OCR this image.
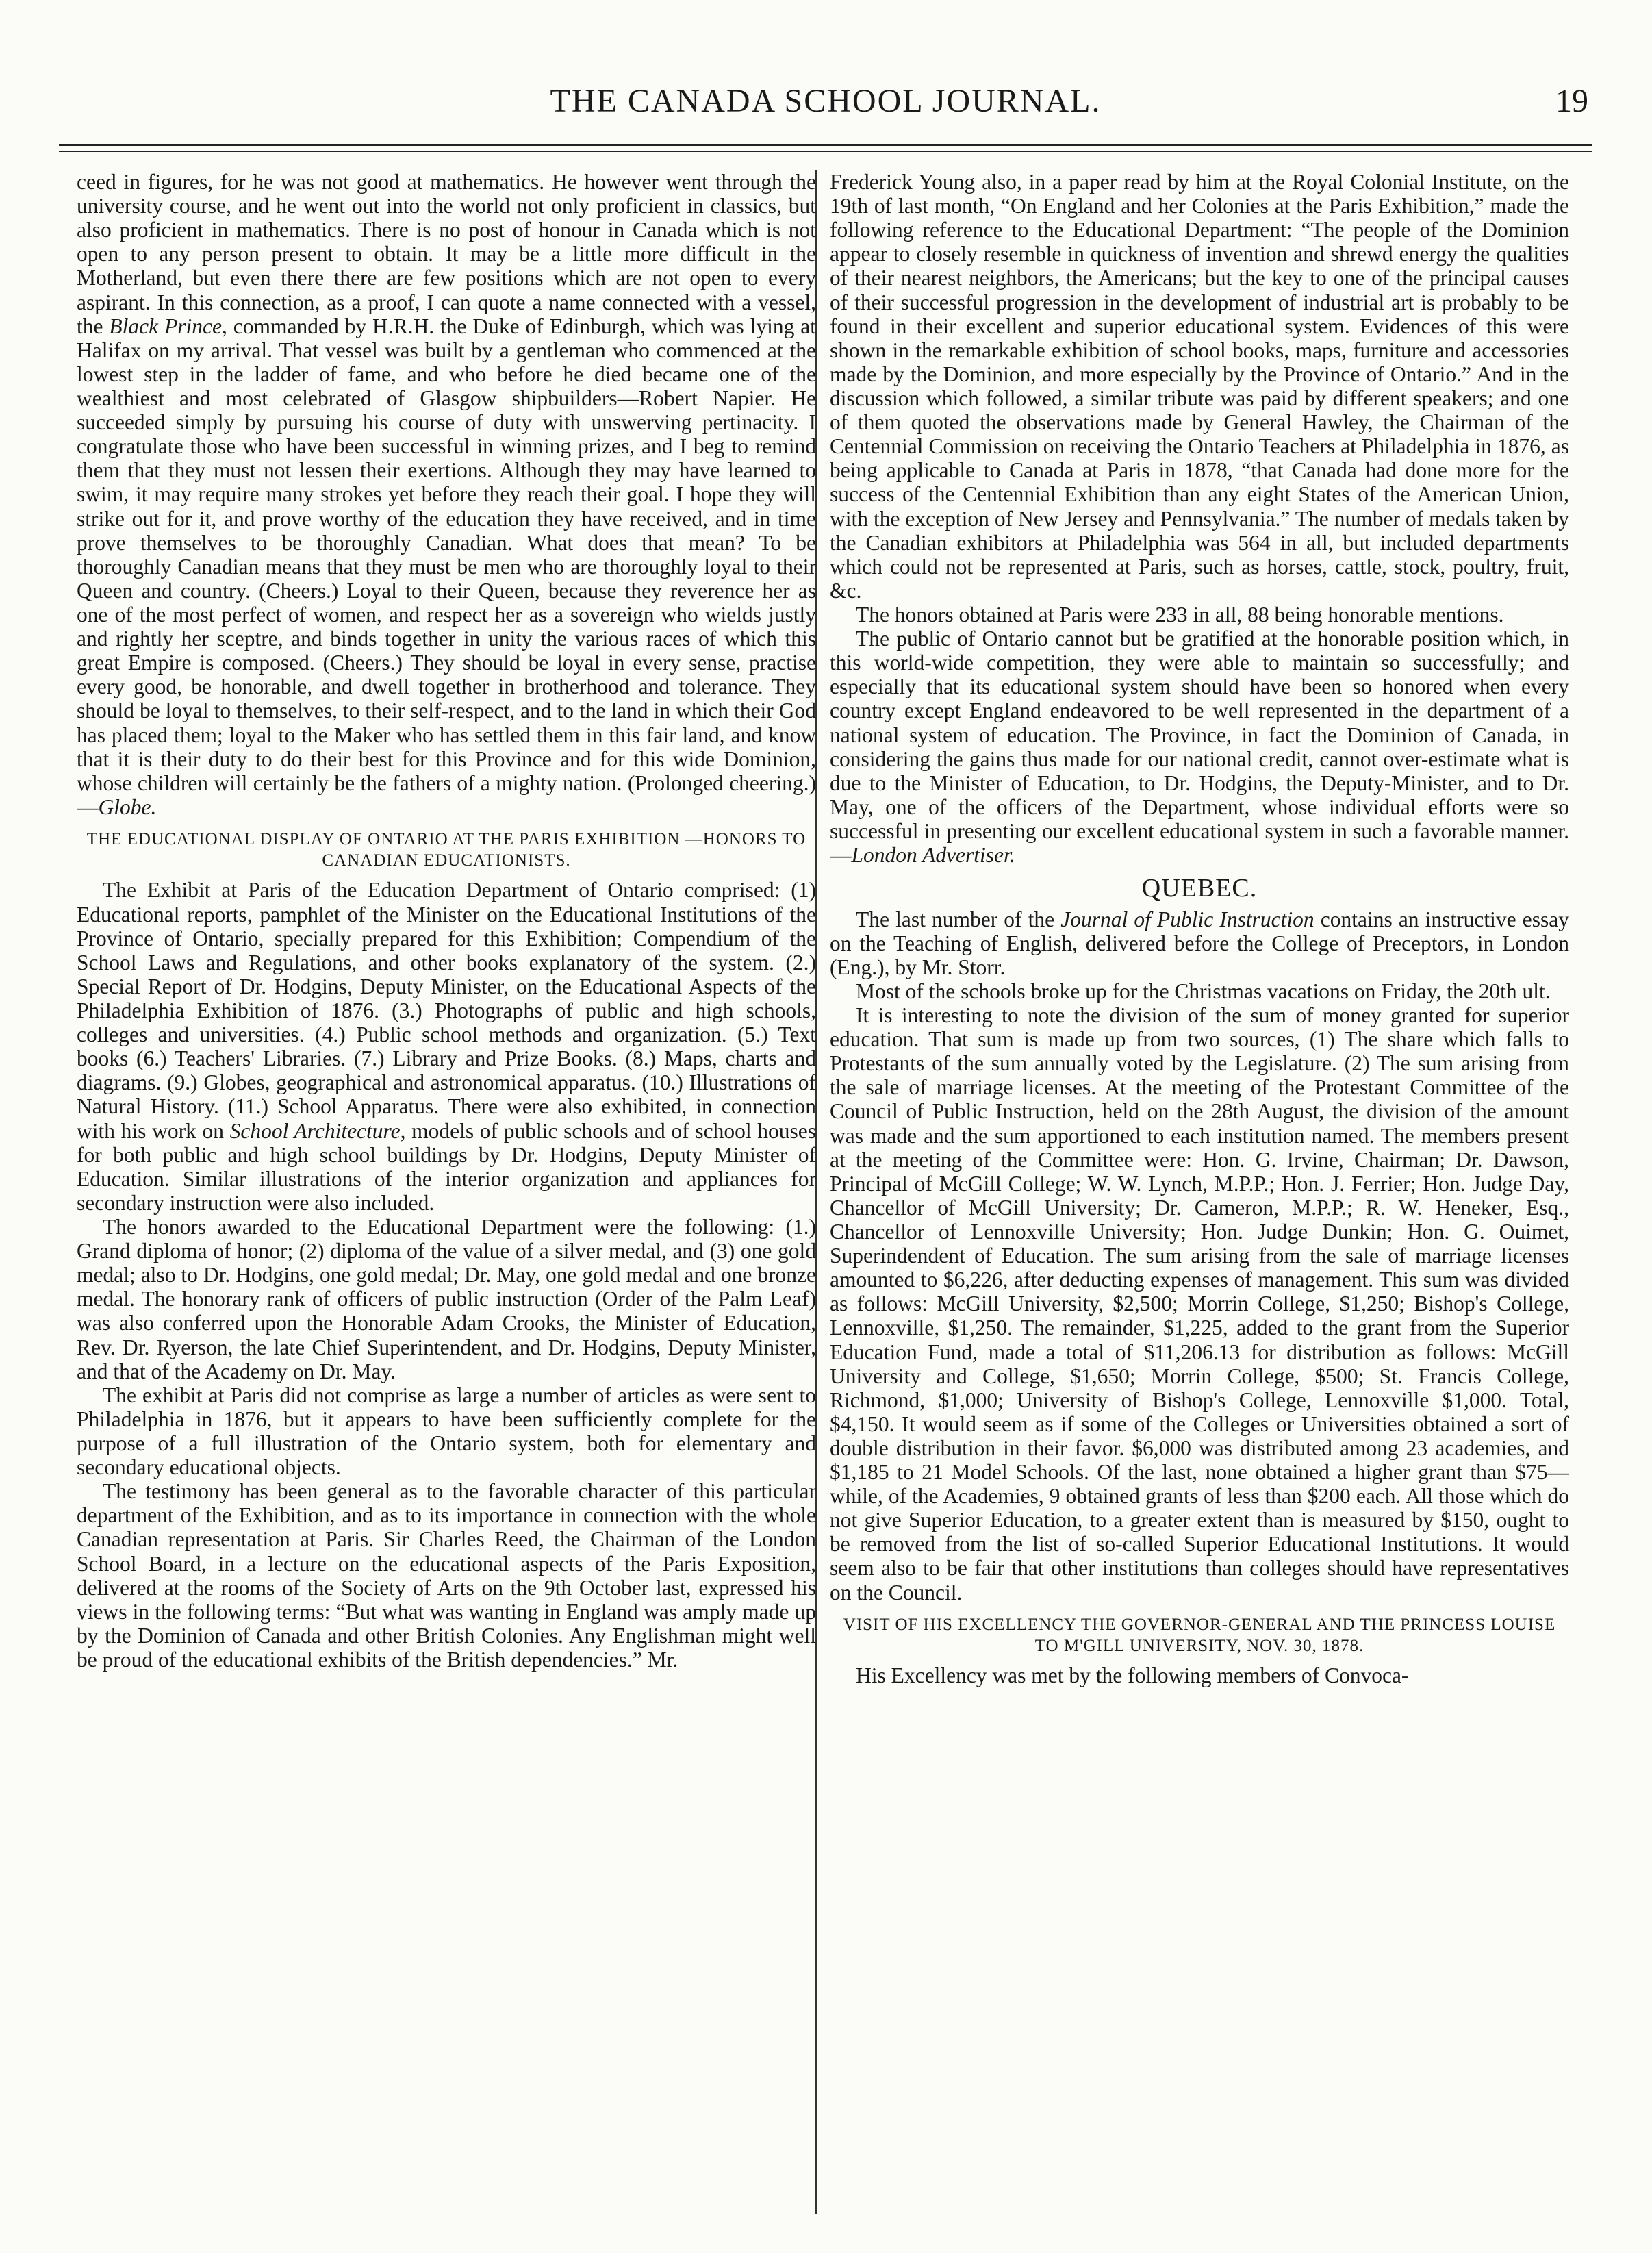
THE CANADA SCHOOL JOURNAL.	19

ceed in figures, for he was not good at mathematics. He however went through the university course, and he went out into the world not only proficient in classics, but also proficient in mathematics. There is no post of honour in Canada which is not open to any person present to obtain. It may be a little more difficult in the Motherland, but even there there are few positions which are not open to every aspirant. In this connection, as a proof, I can quote a name connected with a vessel, the Black Prince, commanded by H.R.H. the Duke of Edinburgh, which was lying at Halifax on my arrival. That vessel was built by a gentleman who commenced at the lowest step in the ladder of fame, and who before he died became one of the wealthiest and most celebrated of Glasgow shipbuilders—Robert Napier. He succeeded simply by pursuing his course of duty with unswerving pertinacity. I congratulate those who have been successful in winning prizes, and I beg to remind them that they must not lessen their exertions. Although they may have learned to swim, it may require many strokes yet before they reach their goal. I hope they will strike out for it, and prove worthy of the education they have received, and in time prove themselves to be thoroughly Canadian. What does that mean? To be thoroughly Canadian means that they must be men who are thoroughly loyal to their Queen and country. (Cheers.) Loyal to their Queen, because they reverence her as one of the most perfect of women, and respect her as a sovereign who wields justly and rightly her sceptre, and binds together in unity the various races of which this great Empire is composed. (Cheers.) They should be loyal in every sense, practise every good, be honorable, and dwell together in brotherhood and tolerance. They should be loyal to themselves, to their self-respect, and to the land in which their God has placed them; loyal to the Maker who has settled them in this fair land, and know that it is their duty to do their best for this Province and for this wide Dominion, whose children will certainly be the fathers of a mighty nation. (Prolonged cheering.)—Globe.

THE EDUCATIONAL DISPLAY OF ONTARIO AT THE PARIS EXHIBITION —HONORS TO CANADIAN EDUCATIONISTS.

The Exhibit at Paris of the Education Department of Ontario comprised: (1) Educational reports, pamphlet of the Minister on the Educational Institutions of the Province of Ontario, specially prepared for this Exhibition; Compendium of the School Laws and Regulations, and other books explanatory of the system. (2.) Special Report of Dr. Hodgins, Deputy Minister, on the Educational Aspects of the Philadelphia Exhibition of 1876. (3.) Photographs of public and high schools, colleges and universities. (4.) Public school methods and organization. (5.) Text books (6.) Teachers' Libraries. (7.) Library and Prize Books. (8.) Maps, charts and diagrams. (9.) Globes, geographical and astronomical apparatus. (10.) Illustrations of Natural History. (11.) School Apparatus. There were also exhibited, in connection with his work on School Architecture, models of public schools and of school houses for both public and high school buildings by Dr. Hodgins, Deputy Minister of Education. Similar illustrations of the interior organization and appliances for secondary instruction were also included.

The honors awarded to the Educational Department were the following: (1.) Grand diploma of honor; (2) diploma of the value of a silver medal, and (3) one gold medal; also to Dr. Hodgins, one gold medal; Dr. May, one gold medal and one bronze medal. The honorary rank of officers of public instruction (Order of the Palm Leaf) was also conferred upon the Honorable Adam Crooks, the Minister of Education, Rev. Dr. Ryerson, the late Chief Superintendent, and Dr. Hodgins, Deputy Minister, and that of the Academy on Dr. May.

The exhibit at Paris did not comprise as large a number of articles as were sent to Philadelphia in 1876, but it appears to have been sufficiently complete for the purpose of a full illustration of the Ontario system, both for elementary and secondary educational objects.

The testimony has been general as to the favorable character of this particular department of the Exhibition, and as to its importance in connection with the whole Canadian representation at Paris. Sir Charles Reed, the Chairman of the London School Board, in a lecture on the educational aspects of the Paris Exposition, delivered at the rooms of the Society of Arts on the 9th October last, expressed his views in the following terms: “But what was wanting in England was amply made up by the Dominion of Canada and other British Colonies. Any Englishman might well be proud of the educational exhibits of the British dependencies.” Mr.

Frederick Young also, in a paper read by him at the Royal Colonial Institute, on the 19th of last month, “On England and her Colonies at the Paris Exhibition,” made the following reference to the Educational Department: “The people of the Dominion appear to closely resemble in quickness of invention and shrewd energy the qualities of their nearest neighbors, the Americans; but the key to one of the principal causes of their successful progression in the development of industrial art is probably to be found in their excellent and superior educational system. Evidences of this were shown in the remarkable exhibition of school books, maps, furniture and accessories made by the Dominion, and more especially by the Province of Ontario.” And in the discussion which followed, a similar tribute was paid by different speakers; and one of them quoted the observations made by General Hawley, the Chairman of the Centennial Commission on receiving the Ontario Teachers at Philadelphia in 1876, as being applicable to Canada at Paris in 1878, “that Canada had done more for the success of the Centennial Exhibition than any eight States of the American Union, with the exception of New Jersey and Pennsylvania.” The number of medals taken by the Canadian exhibitors at Philadelphia was 564 in all, but included departments which could not be represented at Paris, such as horses, cattle, stock, poultry, fruit, &c.

The honors obtained at Paris were 233 in all, 88 being honorable mentions.

The public of Ontario cannot but be gratified at the honorable position which, in this world-wide competition, they were able to maintain so successfully; and especially that its educational system should have been so honored when every country except England endeavored to be well represented in the department of a national system of education. The Province, in fact the Dominion of Canada, in considering the gains thus made for our national credit, cannot over-estimate what is due to the Minister of Education, to Dr. Hodgins, the Deputy-Minister, and to Dr. May, one of the officers of the Department, whose individual efforts were so successful in presenting our excellent educational system in such a favorable manner.—London Advertiser.

QUEBEC.

The last number of the Journal of Public Instruction contains an instructive essay on the Teaching of English, delivered before the College of Preceptors, in London (Eng.), by Mr. Storr.

Most of the schools broke up for the Christmas vacations on Friday, the 20th ult.

It is interesting to note the division of the sum of money granted for superior education. That sum is made up from two sources, (1) The share which falls to Protestants of the sum annually voted by the Legislature. (2) The sum arising from the sale of marriage licenses. At the meeting of the Protestant Committee of the Council of Public Instruction, held on the 28th August, the division of the amount was made and the sum apportioned to each institution named. The members present at the meeting of the Committee were: Hon. G. Irvine, Chairman; Dr. Dawson, Principal of McGill College; W. W. Lynch, M.P.P.; Hon. J. Ferrier; Hon. Judge Day, Chancellor of McGill University; Dr. Cameron, M.P.P.; R. W. Heneker, Esq., Chancellor of Lennoxville University; Hon. Judge Dunkin; Hon. G. Ouimet, Superindendent of Education. The sum arising from the sale of marriage licenses amounted to $6,226, after deducting expenses of management. This sum was divided as follows: McGill University, $2,500; Morrin College, $1,250; Bishop's College, Lennoxville, $1,250. The remainder, $1,225, added to the grant from the Superior Education Fund, made a total of $11,206.13 for distribution as follows: McGill University and College, $1,650; Morrin College, $500; St. Francis College, Richmond, $1,000; University of Bishop's College, Lennoxville $1,000. Total, $4,150. It would seem as if some of the Colleges or Universities obtained a sort of double distribution in their favor. $6,000 was distributed among 23 academies, and $1,185 to 21 Model Schools. Of the last, none obtained a higher grant than $75—while, of the Academies, 9 obtained grants of less than $200 each. All those which do not give Superior Education, to a greater extent than is measured by $150, ought to be removed from the list of so-called Superior Educational Institutions. It would seem also to be fair that other institutions than colleges should have representatives on the Council.

VISIT OF HIS EXCELLENCY THE GOVERNOR-GENERAL AND THE PRINCESS LOUISE TO M'GILL UNIVERSITY, NOV. 30, 1878.

His Excellency was met by the following members of Convoca-
